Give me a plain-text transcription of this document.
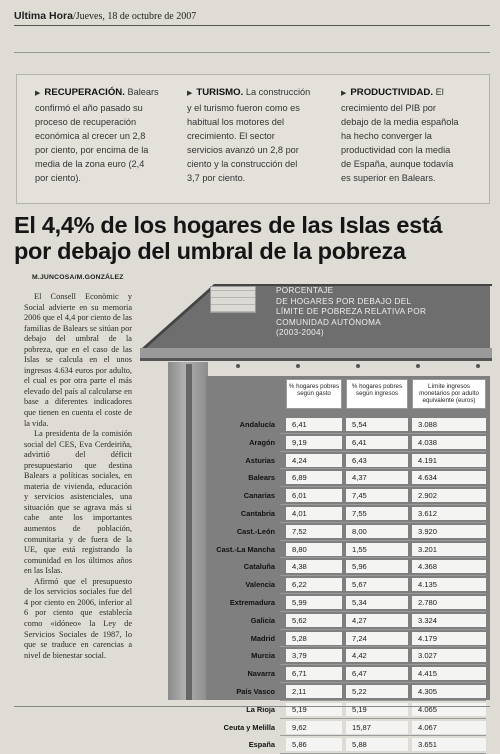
Ultima Hora/Jueves, 18 de octubre de 2007
▶ RECUPERACIÓN. Balears
confirmó el año pasado su
proceso de recuperación
económica al crecer un 2,8
por ciento, por encima de la
media de la zona euro (2,4
por ciento).
▶ TURISMO. La construcción
y el turismo fueron como es
habitual los motores del
crecimiento. El sector
servicios avanzó un 2,8 por
ciento y la construcción del
3,7 por ciento.
▶ PRODUCTIVIDAD. El
crecimiento del PIB por
debajo de la media española
ha hecho converger la
productividad con la media
de España, aunque todavía
es superior en Balears.
El 4,4% de los hogares de las Islas está
por debajo del umbral de la pobreza
M.JUNCOSA/M.GONZÁLEZ

El Consell Econòmic y Social advierte en su memoria 2006 que el 4,4 por ciento de las familias de Balears se sitúan por debajo del umbral de la pobreza, que en el caso de las Islas se calcula en el unos ingresos 4.634 euros por adulto, el cual es por otra parte el más elevado del país al calcularse en base a diferentes indicadores que tienen en cuenta el coste de la vida.

La presidenta de la comisión social del CES, Eva Cerdeiriña, advirtió del déficit presupuestario que destina Balears a políticas sociales, en materia de vivienda, educación y servicios asistenciales, una situación que se agrava más si cabe ante los importantes aumentos de población, comunitaria y de fuera de la UE, que está registrando la comunidad en los últimos años en las Islas.

Afirmó que el presupuesto de los servicios sociales fue del 4 por ciento en 2006, inferior al 6 por ciento que establecía como «idóneo» la Ley de Servicios Sociales de 1987, lo que se traduce en carencias a nivel de bienestar social.

PORCENTAJE
DE HOGARES POR DEBAJO DEL
LÍMITE DE POBREZA RELATIVA POR
COMUNIDAD AUTÓNOMA
(2003-2004)
% hogares pobres según gasto
% hogares pobres según ingresos
Límite ingresos monetarios por adulto equivalente (euros)
Andalucía	6,41	5,54	3.088
Aragón	9,19	6,41	4.038
Asturias	4,24	6,43	4.191
Balears	6,89	4,37	4.634
Canarias	6,01	7,45	2.902
Cantabria	4,01	7,55	3.612
Cast.-León	7,52	8,00	3.920
Cast.-La Mancha	8,80	1,55	3.201
Cataluña	4,38	5,96	4.368
Valencia	6,22	5,67	4.135
Extremadura	5,99	5,34	2.780
Galicia	5,62	4,27	3.324
Madrid	5,28	7,24	4.179
Murcia	3,79	4,42	3.027
Navarra	6,71	6,47	4.415
País Vasco	2,11	5,22	4.305
La Rioja	5,19	5,19	4.065
Ceuta y Melilla	9,62	15,87	4.067
España	5,86	5,88	3.651
